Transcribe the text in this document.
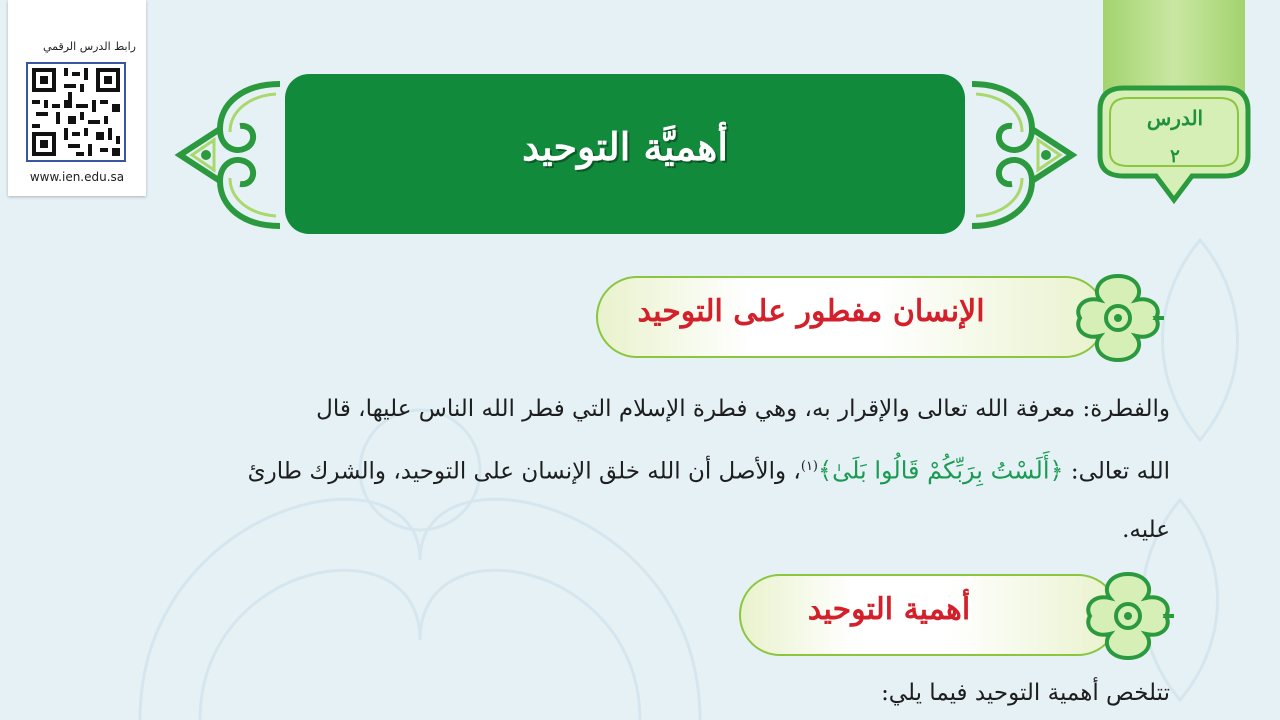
رابط الدرس الرقمي
www.ien.edu.sa
الدرس
٢
أهميَّة التوحيد
الإنسان مفطور على التوحيد

والفطرة: معرفة الله تعالى والإقرار به، وهي فطرة الإسلام التي فطر الله الناس عليها، قال

الله تعالى: ﴿أَلَسْتُ بِرَبِّكُمْ قَالُوا بَلَىٰ﴾$^{(١)}$، والأصل أن الله خلق الإنسان على التوحيد، والشرك طارئ

عليه.

أهمية التوحيد
تتلخص أهمية التوحيد فيما يلي:
